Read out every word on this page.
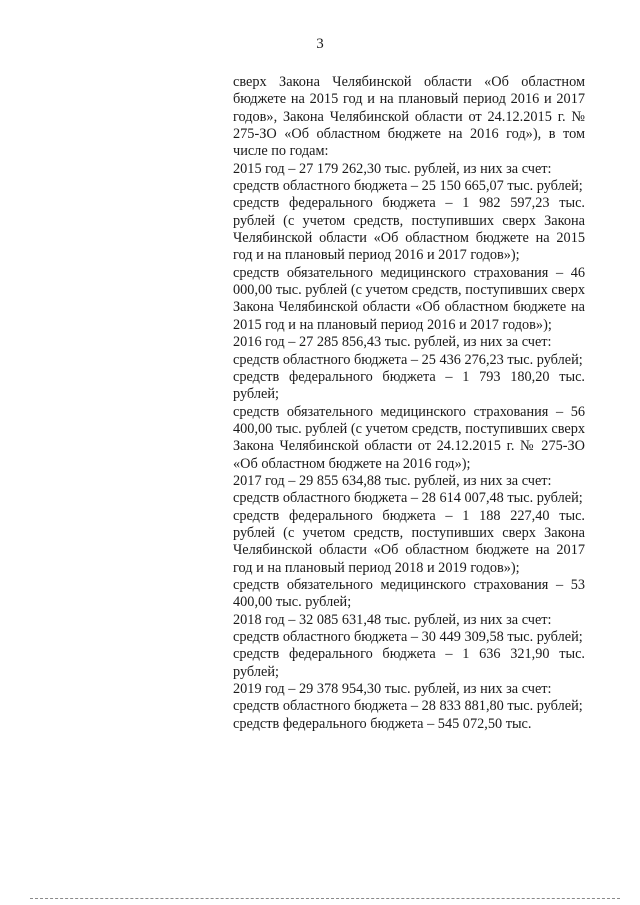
3

сверх Закона Челябинской области «Об областном бюджете на 2015 год и на плановый период 2016 и 2017 годов», Закона Челябинской области от 24.12.2015 г. № 275-ЗО «Об областном бюджете на 2016 год»), в том числе по годам:

2015 год – 27 179 262,30 тыс. рублей, из них за счет:

средств областного бюджета – 25 150 665,07 тыс. рублей;

средств федерального бюджета – 1 982 597,23 тыс. рублей (с учетом средств, поступивших сверх Закона Челябинской области «Об областном бюджете на 2015 год и на плановый период 2016 и 2017 годов»);

средств обязательного медицинского страхования – 46 000,00 тыс. рублей (с учетом средств, поступивших сверх Закона Челябинской области «Об областном бюджете на 2015 год и на плановый период 2016 и 2017 годов»);

2016 год – 27 285 856,43 тыс. рублей, из них за счет:

средств областного бюджета – 25 436 276,23 тыс. рублей;

средств федерального бюджета – 1 793 180,20 тыс. рублей;

средств обязательного медицинского страхования – 56 400,00 тыс. рублей (с учетом средств, поступивших сверх Закона Челябинской области от 24.12.2015 г. № 275-ЗО «Об областном бюджете на 2016 год»);

2017 год – 29 855 634,88 тыс. рублей, из них за счет:

средств областного бюджета – 28 614 007,48 тыс. рублей;

средств федерального бюджета – 1 188 227,40 тыс. рублей (с учетом средств, поступивших сверх Закона Челябинской области «Об областном бюджете на 2017 год и на плановый период 2018 и 2019 годов»);

средств обязательного медицинского страхования – 53 400,00 тыс. рублей;

2018 год – 32 085 631,48 тыс. рублей, из них за счет:

средств областного бюджета – 30 449 309,58 тыс. рублей;

средств федерального бюджета – 1 636 321,90 тыс. рублей;

2019 год – 29 378 954,30 тыс. рублей, из них за счет:

средств областного бюджета – 28 833 881,80 тыс. рублей;

средств федерального бюджета – 545 072,50 тыс.
